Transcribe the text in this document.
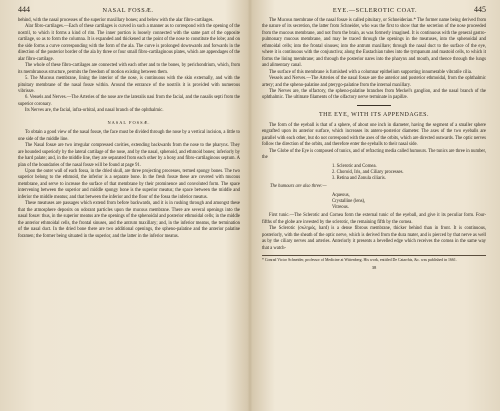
444	NASAL FOSSÆ.

behind, with the nasal processes of the superior maxillary bones; and below with the alar fibro-cartilages.

Alar fibro-cartilages.—Each of these cartilages is curved in such a manner as to correspond with the opening of the nostril, to which it forms a kind of rim. The inner portion is loosely connected with the same part of the opposite cartilage, so as to form the columna. It is expanded and thickened at the point of the nose to constitute the lobe; and on the side forms a curve corresponding with the form of the ala. The curve is prolonged downwards and forwards in the direction of the posterior border of the ala by three or four small fibro-cartilaginous plates, which are appendages of the alar fibro-cartilage.

The whole of these fibro-cartilages are connected with each other and to the bones, by perichondrium, which, from its membranous structure, permits the freedom of motion existing between them.

5. The Mucous membrane, lining the interior of the nose, is continuous with the skin externally, and with the pituitary membrane of the nasal fossæ within. Around the entrance of the nostrils it is provided with numerous vibrissæ.

6. Vessels and Nerves.—The Arteries of the nose are the lateralis nasi from the facial, and the nasalis septi from the superior coronary.

Its Nerves are, the facial, infra-orbital, and nasal branch of the ophthalmic.

NASAL FOSSÆ.

To obtain a good view of the nasal fossæ, the face must be divided through the nose by a vertical incision, a little to one side of the middle line.

The Nasal fossæ are two irregular compressed cavities, extending backwards from the nose to the pharynx. They are bounded superiorly by the lateral cartilage of the nose, and by the nasal, sphenoid, and ethmoid bones; inferiorly by the hard palate; and, in the middle line, they are separated from each other by a bony and fibro-cartilaginous septum. A plan of the boundaries of the nasal fossæ will be found at page 91.

Upon the outer wall of each fossa, in the dried skull, are three projecting processes, termed spongy bones. The two superior belong to the ethmoid, the inferior is a separate bone. In the fresh fossæ these are covered with mucous membrane, and serve to increase the surface of that membrane by their prominence and convoluted form. The space intervening between the superior and middle spongy bone is the superior meatus; the space between the middle and inferior the middle meatus; and that between the inferior and the floor of the fossa the inferior meatus.

These meatuses are passages which extend from before backwards, and it is in rushing through and amongst these that the atmosphere deposits on odorant particles upon the mucous membrane. There are several openings into the nasal fossæ: thus, in the superior meatus are the openings of the sphenoidal and posterior ethmoidal cells; in the middle the anterior ethmoidal cells, the frontal sinuses, and the antrum maxillary; and, in the inferior meatus, the termination of the nasal duct. In the dried bone there are two additional openings, the spheno-palatine and the anterior palatine foramen; the former being situated in the superior, and the latter in the inferior meatus.

EYE.—SCLEROTIC COAT.	445

The Mucous membrane of the nasal fossæ is called pituitary, or Schneiderian.* The former name being derived from the nature of its secretion, the latter from Schneider, who was the first to show that the secretion of the nose proceeded from the mucous membrane, and not from the brain, as was formerly imagined. It is continuous with the general gastro-pulmonary mucous membrane, and may be traced through the openings in the meatuses, into the sphenoidal and ethmoidal cells; into the frontal sinuses; into the antrum maxillare; through the nasal duct to the surface of the eye, where it is continuous with the conjunctiva; along the Eustachian tubes into the tympanum and mastoid cells, to which it forms the lining membrane; and through the posterior nares into the pharynx and mouth, and thence through the lungs and alimentary canal.

The surface of this membrane is furnished with a columnar epithelium supporting innumerable vibratile cilia.

Vessels and Nerves.—The Arteries of the nasal fossæ are the anterior and posterior ethmoidal, from the ophthalmic artery; and the spheno-palatine and pterygo-palatine from the internal maxillary.

The Nerves are, the olfactory, the spheno-palatine branches from Meckel's ganglion, and the nasal branch of the ophthalmic. The ultimate filaments of the olfactory nerve terminate in papillæ.

THE EYE, WITH ITS APPENDAGES.

The form of the eyeball is that of a sphere, of about one inch in diameter, having the segment of a smaller sphere engrafted upon its anterior surface, which increases its antero-posterior diameter. The axes of the two eyeballs are parallel with each other, but do not correspond with the axes of the orbits, which are directed outwards. The optic nerves follow the direction of the orbits, and therefore enter the eyeballs to their nasal side.

The Globe of the Eye is composed of tunics, and of refracting media called humours. The tunics are three in number, the

1. Sclerotic and Cornea.
2. Choroid, Iris, and Ciliary processes.
3. Retina and Zonula ciliaris.
The humours are also three:—
Aqueous,
Crystalline (lens),
Vitreous.

First tunic.—The Sclerotic and Cornea form the external tunic of the eyeball, and give it its peculiar form. Four-fifths of the globe are invested by the sclerotic, the remaining fifth by the cornea.

The Sclerotic (σκληρός, hard) is a dense fibrous membrane, thicker behind than in front. It is continuous, posteriorly, with the sheath of the optic nerve, which is derived from the dura mater, and is pierced by that nerve as well as by the ciliary nerves and arteries. Anteriorly it presents a bevelled edge which receives the cornea in the same way that a watch-

* Conrad Victor Schneider, professor of Medicine at Wittenberg. His work, entitled De Catarrhis, &c. was published in 1661.
38
